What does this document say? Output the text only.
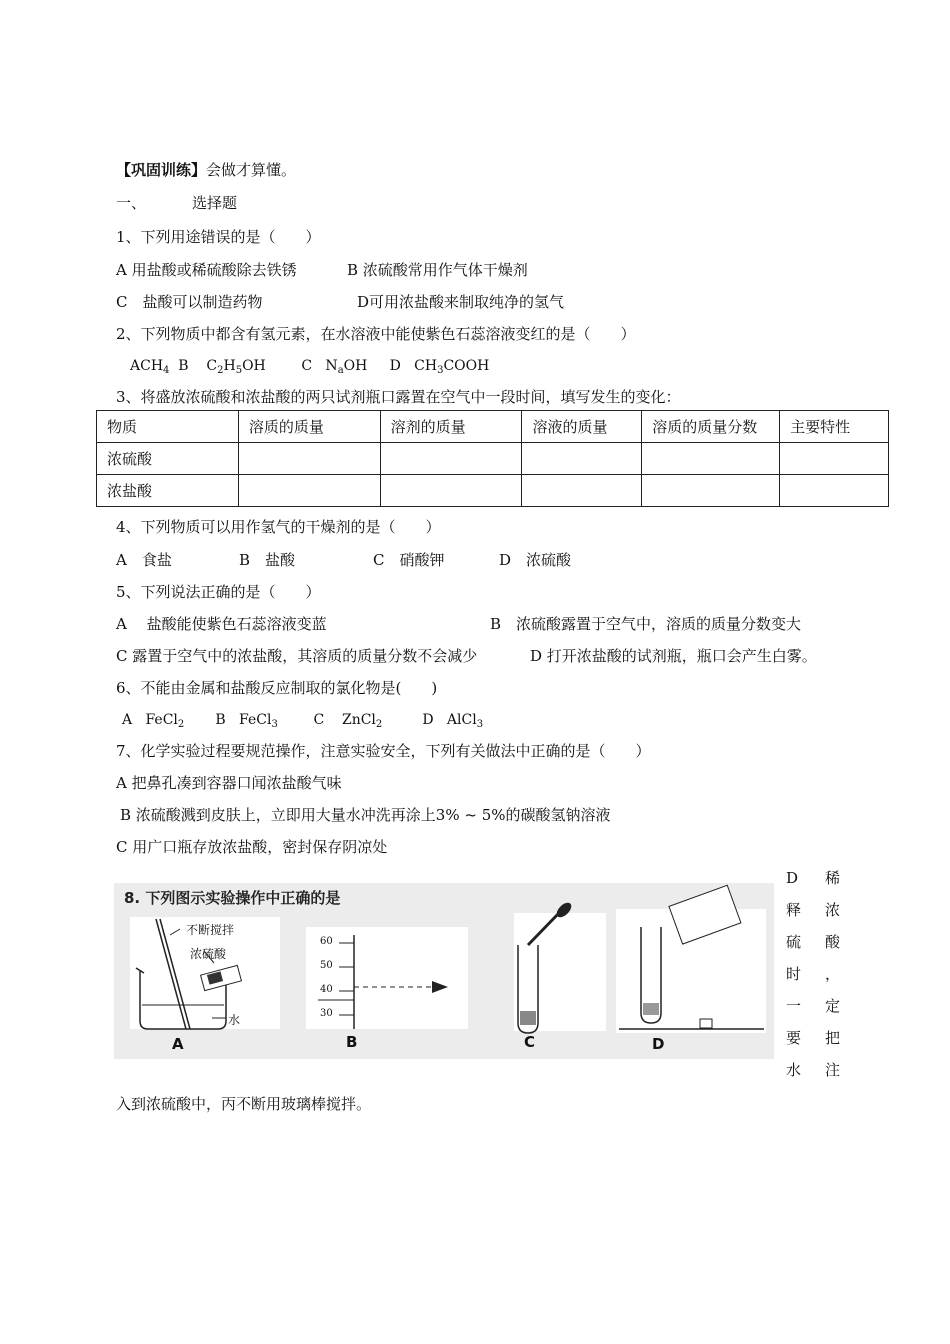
【巩固训练】会做才算懂。
一、	选择题
1、下列用途错误的是（　　）
A 用盐酸或稀硫酸除去铁锈	B 浓硫酸常用作气体干燥剂
C　盐酸可以制造药物	D可用浓盐酸来制取纯净的氢气
2、下列物质中都含有氢元素，在水溶液中能使紫色石蕊溶液变红的是（　　）
$ACH_4$  B    $C_2H_5OH$        C   $N_aOH$     D   $CH_3COOH$
3、将盛放浓硫酸和浓盐酸的两只试剂瓶口露置在空气中一段时间，填写发生的变化：
物质	溶质的质量	溶剂的质量	溶液的质量	溶质的质量分数	主要特性
浓硫酸					
浓盐酸					
4、下列物质可以用作氢气的干燥剂的是（　　）
A　食盐	B　盐酸	C　硝酸钾	D　浓硫酸
5、下列说法正确的是（　　）
A　 盐酸能使紫色石蕊溶液变蓝	B　浓硫酸露置于空气中，溶质的质量分数变大
C 露置于空气中的浓盐酸，其溶质的质量分数不会减少	D 打开浓盐酸的试剂瓶，瓶口会产生白雾。
6、不能由金属和盐酸反应制取的氯化物是(　　)
A   FeCl$_2$       B   FeCl$_3$        C    ZnCl$_2$         D   AlCl$_3$
7、化学实验过程要规范操作，注意实验安全，下列有关做法中正确的是（　　）
A 把鼻孔凑到容器口闻浓盐酸气味
B 浓硫酸溅到皮肤上，立即用大量水冲洗再涂上3% ~ 5%的碳酸氢钠溶液
C 用广口瓶存放浓盐酸，密封保存阴凉处
8. 下列图示实验操作中正确的是
不断搅拌
浓硫酸
水
60
50
40
30
A	B	C	D
D 稀
释 浓
硫 酸
时 ，
一 定
要 把
水 注
入到浓硫酸中，丙不断用玻璃棒搅拌。
